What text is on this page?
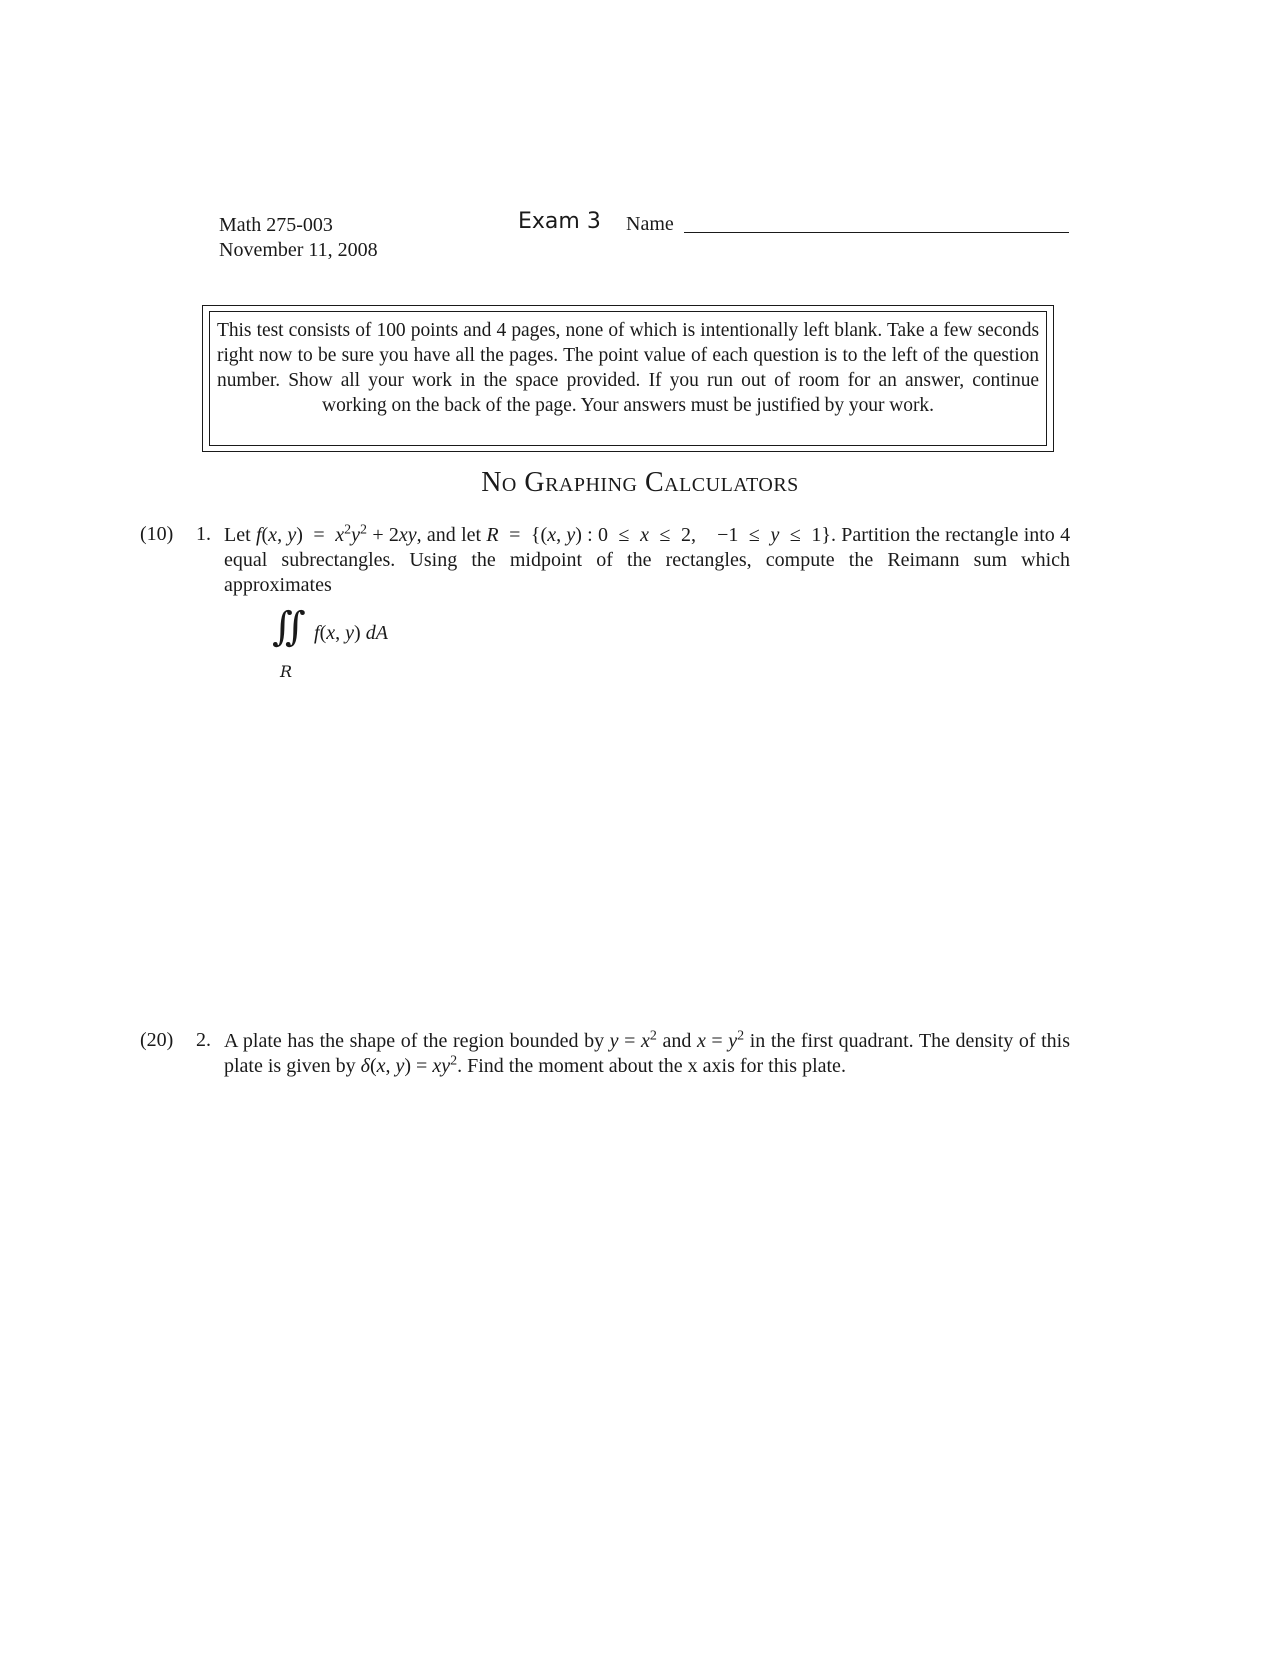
Math 275-003
November 11, 2008
Exam 3 Name
This test consists of 100 points and 4 pages, none of which is intentionally left blank. Take a few seconds right now to be sure you have all the pages. The point value of each question is to the left of the question number. Show all your work in the space provided. If you run out of room for an answer, continue working on the back of the page. Your answers must be justified by your work.
No Graphing Calculators
(10) 1. Let f(x, $y) = x^2y^2 + 2xy$, and let R  =  {(x, y) : 0  ≤  x  ≤  2,    −1  ≤  y  ≤  1}. Partition the rectangle into 4 equal subrectangles. Using the midpoint of the rectangles, compute the Reimann sum which approximates
∫∫ f(x, y) dA
R
(20) 2. A plate has the shape of the region bounded by $y = x^2$ and $x = y^2$ in the first quadrant. The density of this plate is given by δ(x, $y) = xy^2$. Find the moment about the x axis for this plate.
